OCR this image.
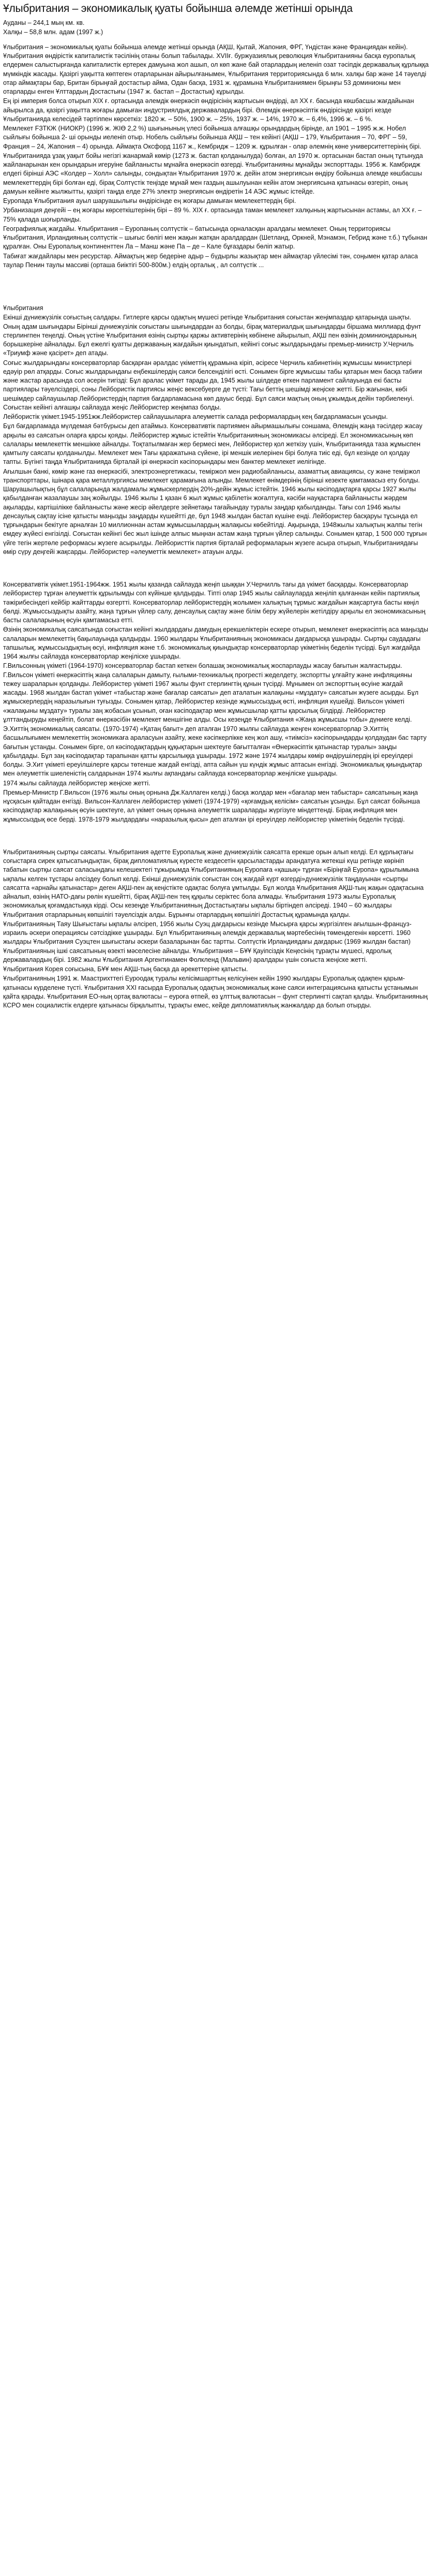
Ұлыбритания – экономикалық қуаты бойынша әлемде жетінші орында

Ауданы – 244,1 мың км. кв.

Халқы – 58,8 млн. адам (1997 ж.)

Ұлыбритания – экономикалық қуаты бойынша әлемде жетінші орында (АҚШ, Қытай, Жапония, ФРГ, Үндістан және Франциядан кейін). Ұлыбритания өндірістік капиталистік тәсілінің отаны болып табылады. XVIIғ. буржуазиялық революция Ұлыбританияны басқа еуропалық елдермен салыстырғанда капиталистік eртерек дамуына жол ашып, ол көп жане бай отарлардың иеленіп озат тәсіпдік державалық құрлыққа мүмкіндік жасады. Қазіргі уақытта көптеген отарларынан айырылғанымен, Ұлыбритания территориясында 6 млн. халқы бар және 14 тәуелді отар аймақтары бар, Британ бірыңғай достастыр айма, Одан басқа, 1931 ж. құрамына Ұлыбританиямен бірыңғы 53 доминионы мен отарларды енген Ұлттардың Достастығы (1947 ж. бастап – Достастық) кұрылды.

Ең ірі империя болса отырып ХІХ ғ. ортасында әлемдік өнеркәсіп өндірісінің жартысын өндірді, ал ХХ ғ. басында көшбасшы жағдайынан айырылса да, қазіргі уақытта жоғары дамыған индустриялдық державалардың бірі. Әлемдік өнеркәсіптік өндірісінде қазіргі кезде Ұлыбританияда келесідей тәртіппен көрсеткіз: 1820 ж. – 50%, 1900 ж. – 25%, 1937 ж. – 14%, 1970 ж. – 6,4%, 1996 ж. – 6 %.

Мемлекет FЗТКЖ (НИОКР) (1996 ж. ЖІӨ 2,2 %) шығынының үлесі бойынша алғашқы орындардың бірінде, ал 1901 – 1995 ж.ж. Нобел сыйлығы бойынша 2- ші орынды иеленіп отыр. Нобель сыйлығы бойынша АҚШ – тен кейінгі (АҚШ – 179, Ұлыбритания – 70, ФРГ – 59, Франция – 24, Жапония – 4) орында. Аймақта Оксфорд 1167 ж., Кембридж – 1209 ж. құрылған - олар әлемнің көне университеттерінің бірі.

Ұлыбританияда ұзақ уақыт бойы негізгі жанармай көмір (1273 ж. бастап қолданылуда) болған, ал 1970 ж. ортасынан бастап оның тұтынуда жайланарынан кен орындарын игеруіне байланысты мұнайға өнеркәсіп өзгерді. Ұлыбританияны мұнайды экспорттады. 1956 ж. Камбридж елдегі бірінші АЭС «Колдер – Холл» салынды, сондықтан Ұлыбритания 1970 ж. дейін атом энергиясын өндіру бойынша әлемде көшбасшы мемлекеттердің бірі болған еді, бірақ Солтүстік теңізде мұнай мен газдың ашылуынан кейін атом энергиясына қатынасы өзгеріп, оның дамуын кейінге жылжытты, қазіргі таңда елде 27% электр энергиясын өндіретін 14 АЭС жұмыс істейде.

Еуропада Ұлыбритания ауыл шаруашылығы өндірісінде ең жоғары дамыған мемлекеттердің бірі.

Урбанизация деңгейі – ең жоғары көрсеткіштерінің бірі – 89 %. ХІХ ғ. ортасында таман мемлекет халқының жартысынан астамы, ал ХХ ғ. – 75% қалада шоғырланды.

Географиялық жағдайы. Ұлыбритания – Еуропаның солтүстік – батысында орналасқан аралдағы мемлекет. Оның территориясы Ұлыбритания, Ирландияның солтүстік – шығыс бөлігі мен жақын жатқан аралдардан (Шетланд, Оркней, Мэнамэн, Гебрид және т.б.) тұбынан құралған. Оны Еуропалық континенттен Ла – Манш және Па – де – Кале бұғаздары бөліп жатыр.

Табиғат жағдайлары мен ресурстар. Аймақтың жер бедеріне адыр – бүдырлы жазықтар мен аймақтар үйлесімі тән, соңымен қатар аласа таулар Пенин таулы массиві (орташа биіктігі 500-800м.) елдің орталық , ал солтүстік ...

Ұлыбритания

Екінші дүниежүзілік соғыстың салдары. Гитлерге қарсы одақтың мүшесі ретінде Ұлыбритания соғыстан жеңімпаздар қатарында шықты. Оның адам шығындары Бірінші дүниежүзілік соғыстағы шығындардан аз болды, бірақ материалдық шығындарды біршама миллиард фунт стерлингпен теңелді. Оның үстіне Ұлыбритания өзінің сыртқы қаржы активтерінің көбінене айырылып, АҚШ пен өзінің доминиондарының борышкеріне айналады. Бұл ежелгі қуатты державаның жағдайын қиындатып, кейінгі соғыс жылдарындағы премьер-министр У.Черчиль «Триумф және қасірет» деп атады.

Соғыс жылдарындағы консерваторлар басқарған әралдас үкіметтің құрамына кіріп, әсіресе Черчиль кабинетінің жұмысшы министрлері едәуір рөл атқарды. Соғыс жылдарындағы еңбекшілердің саяси белсенділігі өсті. Сонымен бірге жұмысшы табы қатарын мен басқа табиғи және жастар арасында сол әсерін тигізді: Бұл аралас үкімет тарады да, 1945 жылы шілдеде өткен парламент сайлауында екі басты партиялары тәуелсіздері, соны Лейбористік партиясы жеңіс вексебуерге де түсті: Тағы беттің шешімді жеңіске жетті. Бір жағынан, көбі шешімдер сайлаушылар Лейбористердің партия бағдарламасына көп дауыс берді. Бұл саяси мақтың оның ұжымдық дейін тәрбиеленуі. Соғыстан кейінгі алғашқы сайлауда жеңіс Лейбористер жеңімпаз болды.

Лейбористік үкімет.1945-1951жж.Лейбористер сайлаушыларға алеуметтік салада реформалардың кең бағдарламасын ұсынды.

Бұл бағдарламада мүлдемая бәтбүрысы деп атаймыз. Консервативтік партиямен айырмашылығы соншама, Әлемдің жаңа тәсілдер жасау арқылы өз саясатын оларға қарсы қояды. Лейбористер жұмыс істейтін Ұлыбританияның экономикасы әлсіреді. Ел экономикасының көп салалары мемлекеттік меншікке айналды. Тоқтатылмаған жер бермесі мен, Лейбористер қол жеткізу үшін, Ұлыбританияда таза жұмыспен қамтылу саясаты қолданылды. Мемлекет мен Тағы қаражатына сүйене, ірі меншік иелерінен бірі болуға тиіс еді, бұл кезінде ол қолдау тапты. Бүгінгі таңда Ұлыбританияда бірталай ірі өнеркәсіп кәсіпорындары мен банктер мемлекет иелігінде.

Ағылшын банкі, көмір және газ өнеркәсібі, электроэнергетикасы, теміржол мен радиобайланысы, азаматтық авиациясы, су және теміржол транспорттары, ішінара қара металлургиясы мемлекет қарамағына алынды. Мемлекет өнімдерінің бірінші кезекте қамтамасыз ету болды. Шаруашылықтың бұл салаларында жалдамалы жұмыскерлердің 20%-дейін жұмыс істейтін. 1946 жылы кәсіподақтарға қарсы 1927 жылы қабылданған жазалаушы заң жойылды. 1946 жылы 1 қазан 6 жыл жұмыс қабілетін жоғалтуға, кәсіби науқастарға байланысты жәрдем ақыларды, картішілікке байланысты және жесір әйелдерге зейнетақы тағайындау туралы заңдар қабылданды. Тағы сол 1946 жылы денсаулық сақтау ісіне қатысты маңызды заңдарды күшейтті де, бұл 1948 жылдан бастап күшіне енді. Лейбористер басқаруы тұсында ел тұрғындарын бекітуге арналған 10 миллионнан астам жұмысшылардың жалақысы көбейтілді. Ақырында, 1948жылы халықтың жалпы тегін емдеу жүйесі енгізілді. Соғыстан кейінгі бес жыл ішінде алпыс мыңнан астам жаңа тұрғын үйлер салынды. Сонымен қатар, 1 500 000 тұрғын үйге тегін жертөле реформасы жүзеге асырылды. Лейбористтік партия бірталай реформаларын жүзеге асыра отырып, Ұлыбританиядағы өмір сүру деңгейі жақсарды. Лейбористер «әлеуметтік мемлекет» атауын алды.

Консервативтік үкімет.1951-1964жж. 1951 жылы қазанда сайлауда жеңіп шыққан У.Черчилль тағы да үкімет басқарды. Консерваторлар лейбористер тұрған әлеуметтік құрылымды соп күйінше қалдырды. Тіпті олар 1945 жылы сайлауларда жеңіліп қалғаннан кейін партиялық тәжірибесіндегі кейбір жайттарды өзгертті. Консерваторлар лейбористердің жолымен халықтың тұрмыс жағдайын жақсартуға басты көңіл бөлді. Жұмыссыздықты азайту, жаңа тұрғын үйлер салу, денсаулық сақтау және білім беру жүйелерін жетілдіру арқылы ел экономикасының басты салаларының өсуін қамтамасыз етті.

Өзінің экономикалық саясатында соғыстан кейінгі жылдардағы дамудың ерекшеліктерін ескере отырып, мемлекет өнеркәсіптің аса маңызды салаларын мемлекеттің бақылауында қалдырды. 1960 жылдары Ұлыбританияның экономикасы дағдарысқа ұшырады. Сыртқы саудадағы тапшылық, жұмыссыздықтың өсуі, инфляция және т.б. экономикалық қиындықтар консерваторлар үкіметінің беделін түсірді. Бұл жағдайда 1964 жылғы сайлауда консерваторлар жеңіліске ұшырады.

Г.Вильсонның үкіметі (1964-1970) консерваторлар бастап кеткен болашақ экономикалық жоспарлауды жасау бағытын жалғастырды. Г.Вильсон үкіметі өнеркәсіптің жаңа салаларын дамыту, ғылыми-техникалық прогресті жеделдету, экспортты ұлғайту және инфляцияны тежеу шараларын қолданды. Лейбористер үкіметі 1967 жылы фунт стерлингтің құнын түсірді. Мұнымен ол экспорттың өсуіне жағдай жасады. 1968 жылдан бастап үкімет «табыстар және бағалар саясаты» деп аталатын жалақыны «мұздату» саясатын жүзеге асырды. Бұл жұмыскерлердің наразылығын туғызды. Сонымен қатар, Лейбористер кезінде жұмыссыздық өсті, инфляция күшейді. Вильсон үкіметі «жалақыны мұздату» туралы заң жобасын ұсынып, оған кәсіподақтар мен жұмысшылар қатты қарсылық білдірді. Лейбористер ұлттандыруды кеңейтіп, болат өнеркәсібін мемлекет меншігіне алды. Осы кезеңде Ұлыбритания «Жаңа жұмысшы тобы» дүниеге келді.

Э.Хиттің экономикалық саясаты. (1970-1974) «Қатаң бағыт» деп аталған 1970 жылғы сайлауда жеңген консерваторлар Э.Хиттің басшылығымен мемлекеттің экономикаға араласуын азайту, жеке кәсіпкерлікке кең жол ашу, «тиімсіз» кәсіпорындарды қолдаудан бас тарту бағытын ұстанды. Сонымен бірге, ол кәсіподақтардың құқықтарын шектеуге бағытталған «Өнеркәсіптік қатынастар туралы» заңды қабылдады. Бұл заң кәсіподақтар тарапынан қатты қарсылыққа ұшырады. 1972 және 1974 жылдары көмір өндірушілердің ірі ереуілдері болды. Э.Хит үкіметі ереуілшілерге қарсы төтенше жағдай енгізді, апта сайын үш күндік жұмыс аптасын енгізді. Экономикалық қиындықтар мен әлеуметтік шиеленістің салдарынан 1974 жылғы ақпандағы сайлауда консерваторлар жеңіліске ұшырады.

1974 жылы сайлауда лейбористер жеңіске жетті.

Премьер-Министр Г.Вильсон (1976 жылы оның орнына Дж.Каллаген келді.) басқа жолдар мен «бағалар мен табыстар» саясатының жаңа нұсқасын қайтадан енгізді. Вильсон-Каллаген лейбористер үкіметі (1974-1979) «қоғамдық келісім» саясатын ұсынды. Бұл саясат бойынша кәсіподақтар жалақының өсуін шектеуге, ал үкімет оның орнына әлеуметтік шараларды жүргізуге міндеттенді. Бірақ инфляция мен жұмыссыздық өсе берді. 1978-1979 жылдардағы «наразылық қысы» деп аталған ірі ереуілдер лейбористер үкіметінің беделін түсірді.

Ұлыбританияның сыртқы саясаты. Ұлыбритания әдетте Еуропалық және дүниежүзілік саясатта ерекше орын алып келді. Ел құрлықтағы соғыстарға сирек қатысатындықтан, бірақ дипломатиялық күресте кездесетін қарсыластарды арандатуға жетекші күш ретінде көрініп табатын сыртқы саясат саласындағы келешектегі тұжырымда Ұлыбританияның Еуропаға «қашық» тұрған «Біріңғай Еуропа» құрылымына ықпалы келген тұстары әлсіздеу болып келді. Екінші дүниежүзілік соғыстан соң жағдай күрт өзгерді»дүниежүзілік таңдауынан «сыртқы саясатта «арнайы қатынастар» деген АҚШ-пен ақ кеңістікте одақтас болуға ұмтылды. Бұл жолда Ұлыбритания АҚШ-тың жақын одақтасына айналып, өзінің НАТО-дағы рөлін күшейтті, бірақ АҚШ-пен тең құқылы серіктес бола алмады. Ұлыбритания 1973 жылы Еуропалық экономикалық қоғамдастыққа кірді. Осы кезеңде Ұлыбританияның Достастықтағы ықпалы біртіндеп әлсіреді. 1940 – 60 жылдары Ұлыбритания отарларының көпшілігі тәуелсіздік алды. Бұрынғы отарлардың көпшілігі Достастық құрамында қалды.

Ұлыбританияның Таяу Шығыстағы ықпалы әлсіреп, 1956 жылы Суэц дағдарысы кезінде Мысырға қарсы жүргізілген ағылшын-француз-израиль әскери операциясы сәтсіздікке ұшырады. Бұл Ұлыбританияның әлемдік державалық мәртебесінің төмендегенін көрсетті. 1960 жылдары Ұлыбритания Суэцтен шығыстағы әскери базаларынан бас тартты. Солтүстік Ирландиядағы дағдарыс (1969 жылдан бастап) Ұлыбританияның ішкі саясатының өзекті мәселесіне айналды. Ұлыбритания – БҰҰ Қауіпсіздік Кеңесінің тұрақты мүшесі, ядролық державалардың бірі. 1982 жылы Ұлыбритания Аргентинамен Фолкленд (Мальвин) аралдары үшін соғыста жеңіске жетті.

Ұлыбритания Корея соғысына, БҰҰ мен АҚШ-тың басқа да әрекеттеріне қатысты.

Ұлыбританияның 1991 ж. Маастрихттегі Еуроодақ туралы келісімшарттың келісуінен кейін 1990 жылдары Еуропалық одақпен қарым-қатынасы күрделене түсті. Ұлыбритания XXI ғасырда Еуропалық одақтың экономикалық және саяси интеграциясына қатысты ұстанымын қайта қарады. Ұлыбритания ЕО-ның ортақ валютасы – еуроға өтпей, өз ұлттық валютасын – фунт стерлингті сақтап қалды. Ұлыбританияның КСРО мен социалистік елдерге қатынасы бірқалыпты, тұрақты емес, кейде дипломатиялық жанжалдар да болып отырды.
